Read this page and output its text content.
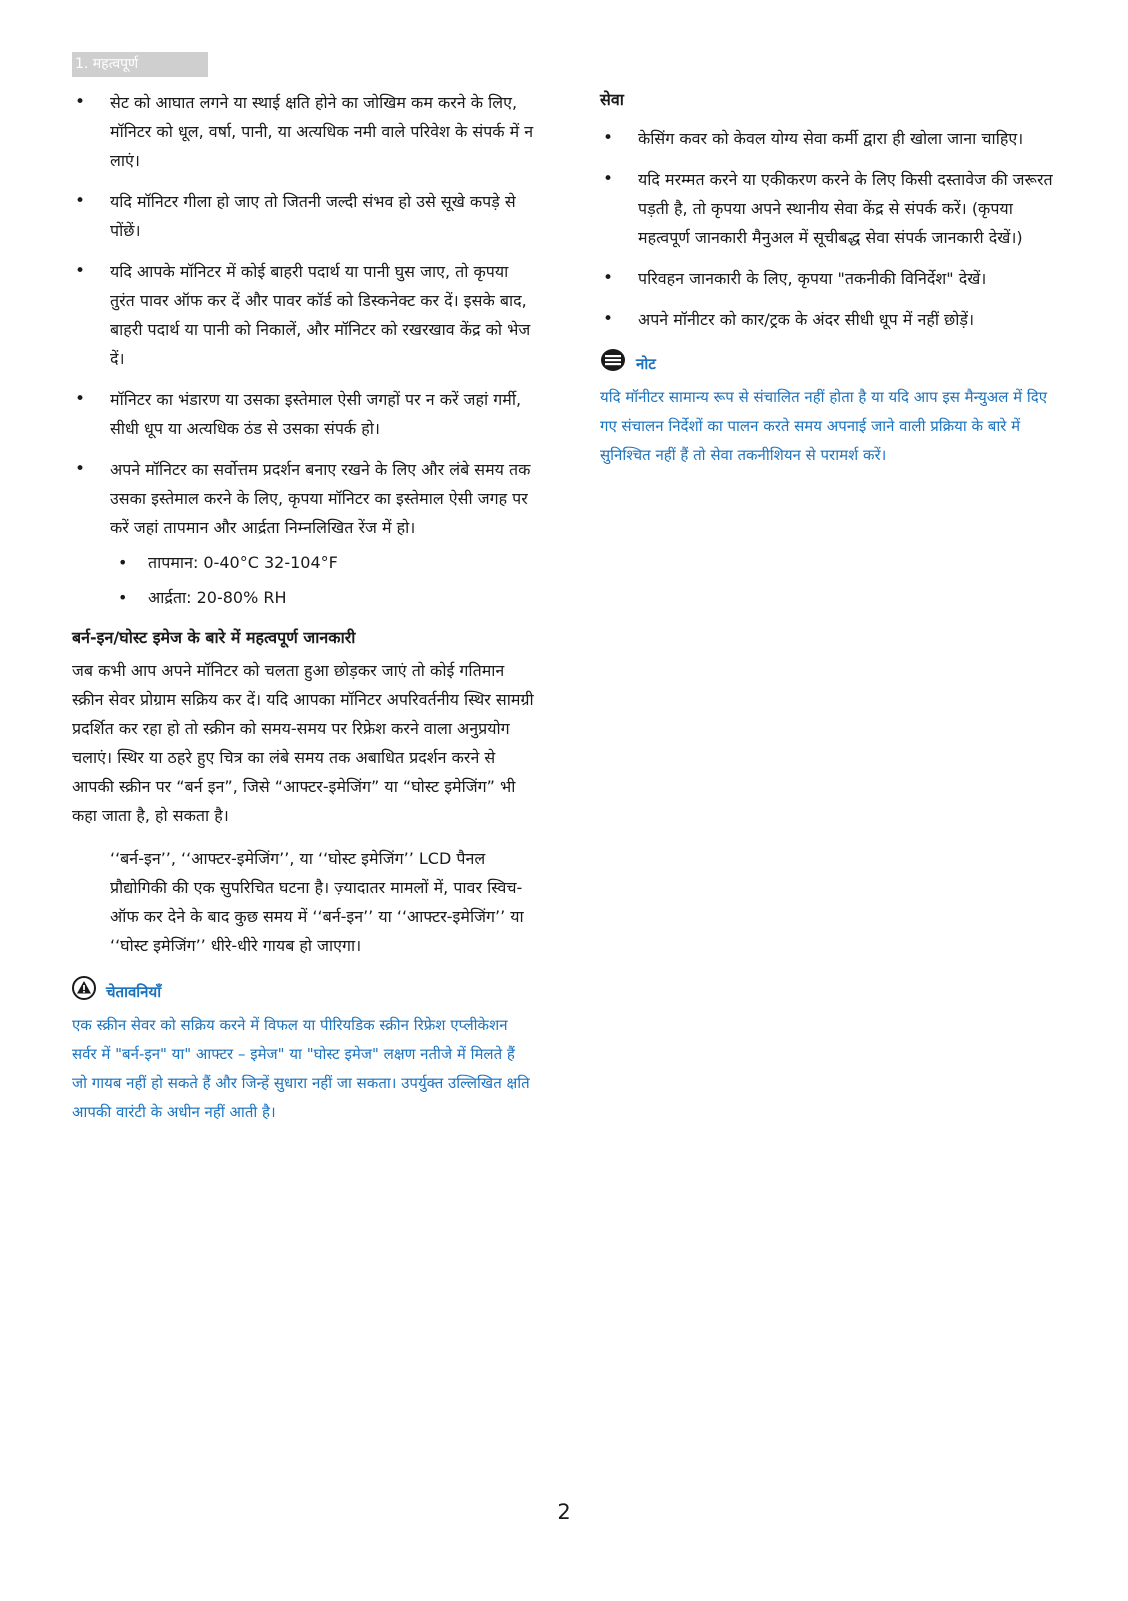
1. महत्वपूर्ण
• सेट को आघात लगने या स्थाई क्षति होने का जोखिम कम करने के लिए, मॉनिटर को धूल, वर्षा, पानी, या अत्यधिक नमी वाले परिवेश के संपर्क में न लाएं।
• यदि मॉनिटर गीला हो जाए तो जितनी जल्दी संभव हो उसे सूखे कपड़े से पोंछें।
• यदि आपके मॉनिटर में कोई बाहरी पदार्थ या पानी घुस जाए, तो कृपया तुरंत पावर ऑफ कर दें और पावर कॉर्ड को डिस्कनेक्ट कर दें। इसके बाद, बाहरी पदार्थ या पानी को निकालें, और मॉनिटर को रखरखाव केंद्र को भेज दें।
• मॉनिटर का भंडारण या उसका इस्तेमाल ऐसी जगहों पर न करें जहां गर्मी, सीधी धूप या अत्यधिक ठंड से उसका संपर्क हो।
• अपने मॉनिटर का सर्वोत्तम प्रदर्शन बनाए रखने के लिए और लंबे समय तक उसका इस्तेमाल करने के लिए, कृपया मॉनिटर का इस्तेमाल ऐसी जगह पर करें जहां तापमान और आर्द्रता निम्नलिखित रेंज में हो।
• तापमान: 0-40°C 32-104°F
• आर्द्रता: 20-80% RH

बर्न-इन/घोस्ट इमेज के बारे में महत्वपूर्ण जानकारी

जब कभी आप अपने मॉनिटर को चलता हुआ छोड़कर जाएं तो कोई गतिमान स्क्रीन सेवर प्रोग्राम सक्रिय कर दें। यदि आपका मॉनिटर अपरिवर्तनीय स्थिर सामग्री प्रदर्शित कर रहा हो तो स्क्रीन को समय-समय पर रिफ्रेश करने वाला अनुप्रयोग चलाएं। स्थिर या ठहरे हुए चित्र का लंबे समय तक अबाधित प्रदर्शन करने से आपकी स्क्रीन पर “बर्न इन”, जिसे “आफ्टर-इमेजिंग” या “घोस्ट इमेजिंग” भी कहा जाता है, हो सकता है।

‘‘बर्न-इन’’, ‘‘आफ्टर-इमेजिंग’’, या ‘‘घोस्ट इमेजिंग’’ LCD पैनल प्रौद्योगिकी की एक सुपरिचित घटना है। ज़्यादातर मामलों में, पावर स्विच-ऑफ कर देने के बाद कुछ समय में ‘‘बर्न-इन’’ या ‘‘आफ्टर-इमेजिंग’’ या ‘‘घोस्ट इमेजिंग’’ धीरे-धीरे गायब हो जाएगा।

चेतावनियाँ

एक स्क्रीन सेवर को सक्रिय करने में विफल या पीरियडिक स्क्रीन रिफ्रेश एप्लीकेशन सर्वर में "बर्न-इन" या" आफ्टर – इमेज" या "घोस्ट इमेज" लक्षण नतीजे में मिलते हैं जो गायब नहीं हो सकते हैं और जिन्हें सुधारा नहीं जा सकता। उपर्युक्त उल्लिखित क्षति आपकी वारंटी के अधीन नहीं आती है।

सेवा

• केसिंग कवर को केवल योग्य सेवा कर्मी द्वारा ही खोला जाना चाहिए।
• यदि मरम्मत करने या एकीकरण करने के लिए किसी दस्तावेज की जरूरत पड़ती है, तो कृपया अपने स्थानीय सेवा केंद्र से संपर्क करें। (कृपया महत्वपूर्ण जानकारी मैनुअल में सूचीबद्ध सेवा संपर्क जानकारी देखें।)
• परिवहन जानकारी के लिए, कृपया "तकनीकी विनिर्देश" देखें।
• अपने मॉनीटर को कार/ट्रक के अंदर सीधी धूप में नहीं छोड़ें।
नोट

यदि मॉनीटर सामान्य रूप से संचालित नहीं होता है या यदि आप इस मैन्युअल में दिए गए संचालन निर्देशों का पालन करते समय अपनाई जाने वाली प्रक्रिया के बारे में सुनिश्चित नहीं हैं तो सेवा तकनीशियन से परामर्श करें।

2
